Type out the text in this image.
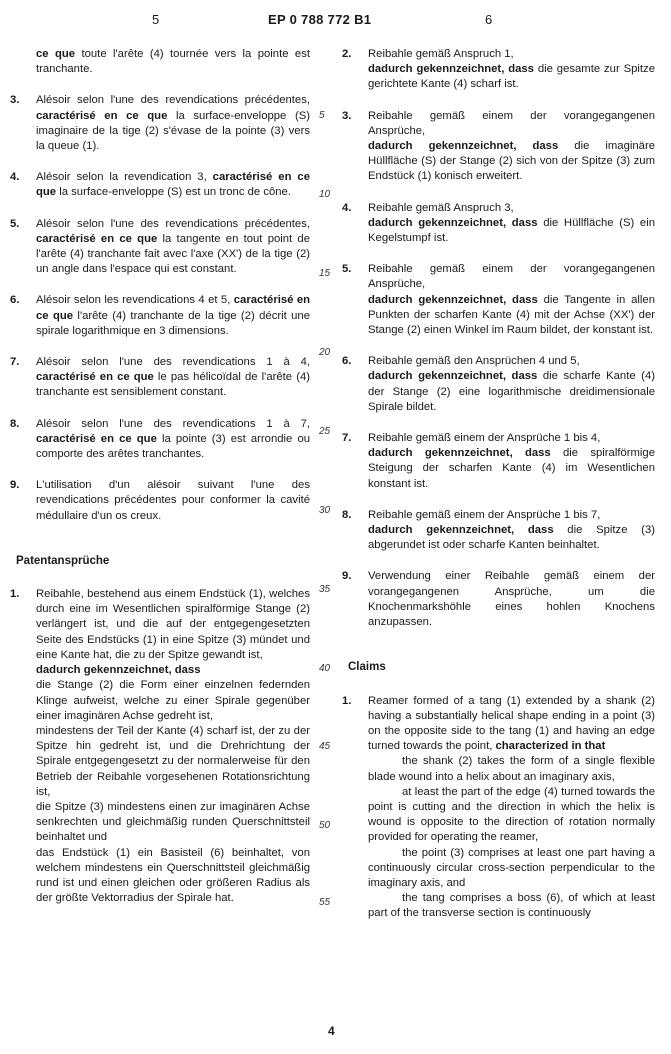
5	EP 0 788 772 B1	6
ce que toute l'arête (4) tournée vers la pointe est tranchante.
3. Alésoir selon l'une des revendications précédentes, caractérisé en ce que la surface-enveloppe (S) imaginaire de la tige (2) s'évase de la pointe (3) vers la queue (1).
4. Alésoir selon la revendication 3, caractérisé en ce que la surface-enveloppe (S) est un tronc de cône.
5. Alésoir selon l'une des revendications précédentes, caractérisé en ce que la tangente en tout point de l'arête (4) tranchante fait avec l'axe (XX') de la tige (2) un angle dans l'espace qui est constant.
6. Alésoir selon les revendications 4 et 5, caractérisé en ce que l'arête (4) tranchante de la tige (2) décrit une spirale logarithmique en 3 dimensions.
7. Alésoir selon l'une des revendications 1 à 4, caractérisé en ce que le pas hélicoïdal de l'arête (4) tranchante est sensiblement constant.
8. Alésoir selon l'une des revendications 1 à 7, caractérisé en ce que la pointe (3) est arrondie ou comporte des arêtes tranchantes.
9. L'utilisation d'un alésoir suivant l'une des revendications précédentes pour conformer la cavité médullaire d'un os creux.
Patentansprüche
1. Reibahle, bestehend aus einem Endstück (1), welches durch eine im Wesentlichen spiralförmige Stange (2) verlängert ist, und die auf der entgegengesetzten Seite des Endstücks (1) in eine Spitze (3) mündet und eine Kante hat, die zu der Spitze gewandt ist,

dadurch gekennzeichnet, dass

die Stange (2) die Form einer einzelnen federnden Klinge aufweist, welche zu einer Spirale gegenüber einer imaginären Achse gedreht ist,

mindestens der Teil der Kante (4) scharf ist, der zu der Spitze hin gedreht ist, und die Drehrichtung der Spirale entgegengesetzt zu der normalerweise für den Betrieb der Reibahle vorgesehenen Rotationsrichtung ist,

die Spitze (3) mindestens einen zur imaginären Achse senkrechten und gleichmäßig runden Querschnittsteil beinhaltet und

das Endstück (1) ein Basisteil (6) beinhaltet, von welchem mindestens ein Querschnittsteil gleichmäßig rund ist und einen gleichen oder größeren Radius als der größte Vektorradius der Spirale hat.

5
10
15
20
25
30
35
40
45
50
55
2. Reibahle gemäß Anspruch 1,

dadurch gekennzeichnet, dass die gesamte zur Spitze gerichtete Kante (4) scharf ist.

3. Reibahle gemäß einem der vorangegangenen Ansprüche,

dadurch gekennzeichnet, dass die imaginäre Hüllfläche (S) der Stange (2) sich von der Spitze (3) zum Endstück (1) konisch erweitert.

4. Reibahle gemäß Anspruch 3,

dadurch gekennzeichnet, dass die Hüllfläche (S) ein Kegelstumpf ist.

5. Reibahle gemäß einem der vorangegangenen Ansprüche,

dadurch gekennzeichnet, dass die Tangente in allen Punkten der scharfen Kante (4) mit der Achse (XX') der Stange (2) einen Winkel im Raum bildet, der konstant ist.

6. Reibahle gemäß den Ansprüchen 4 und 5,

dadurch gekennzeichnet, dass die scharfe Kante (4) der Stange (2) eine logarithmische dreidimensionale Spirale bildet.

7. Reibahle gemäß einem der Ansprüche 1 bis 4,

dadurch gekennzeichnet, dass die spiralförmige Steigung der scharfen Kante (4) im Wesentlichen konstant ist.

8. Reibahle gemäß einem der Ansprüche 1 bis 7,

dadurch gekennzeichnet, dass die Spitze (3) abgerundet ist oder scharfe Kanten beinhaltet.

9. Verwendung einer Reibahle gemäß einem der vorangegangenen Ansprüche, um die Knochenmarkshöhle eines hohlen Knochens anzupassen.

Claims
1. Reamer formed of a tang (1) extended by a shank (2) having a substantially helical shape ending in a point (3) on the opposite side to the tang (1) and having an edge turned towards the point, characterized in that

the shank (2) takes the form of a single flexible blade wound into a helix about an imaginary axis,

at least the part of the edge (4) turned towards the point is cutting and the direction in which the helix is wound is opposite to the direction of rotation normally provided for operating the reamer,

the point (3) comprises at least one part having a continuously circular cross-section perpendicular to the imaginary axis, and

the tang comprises a boss (6), of which at least part of the transverse section is continuously

4
